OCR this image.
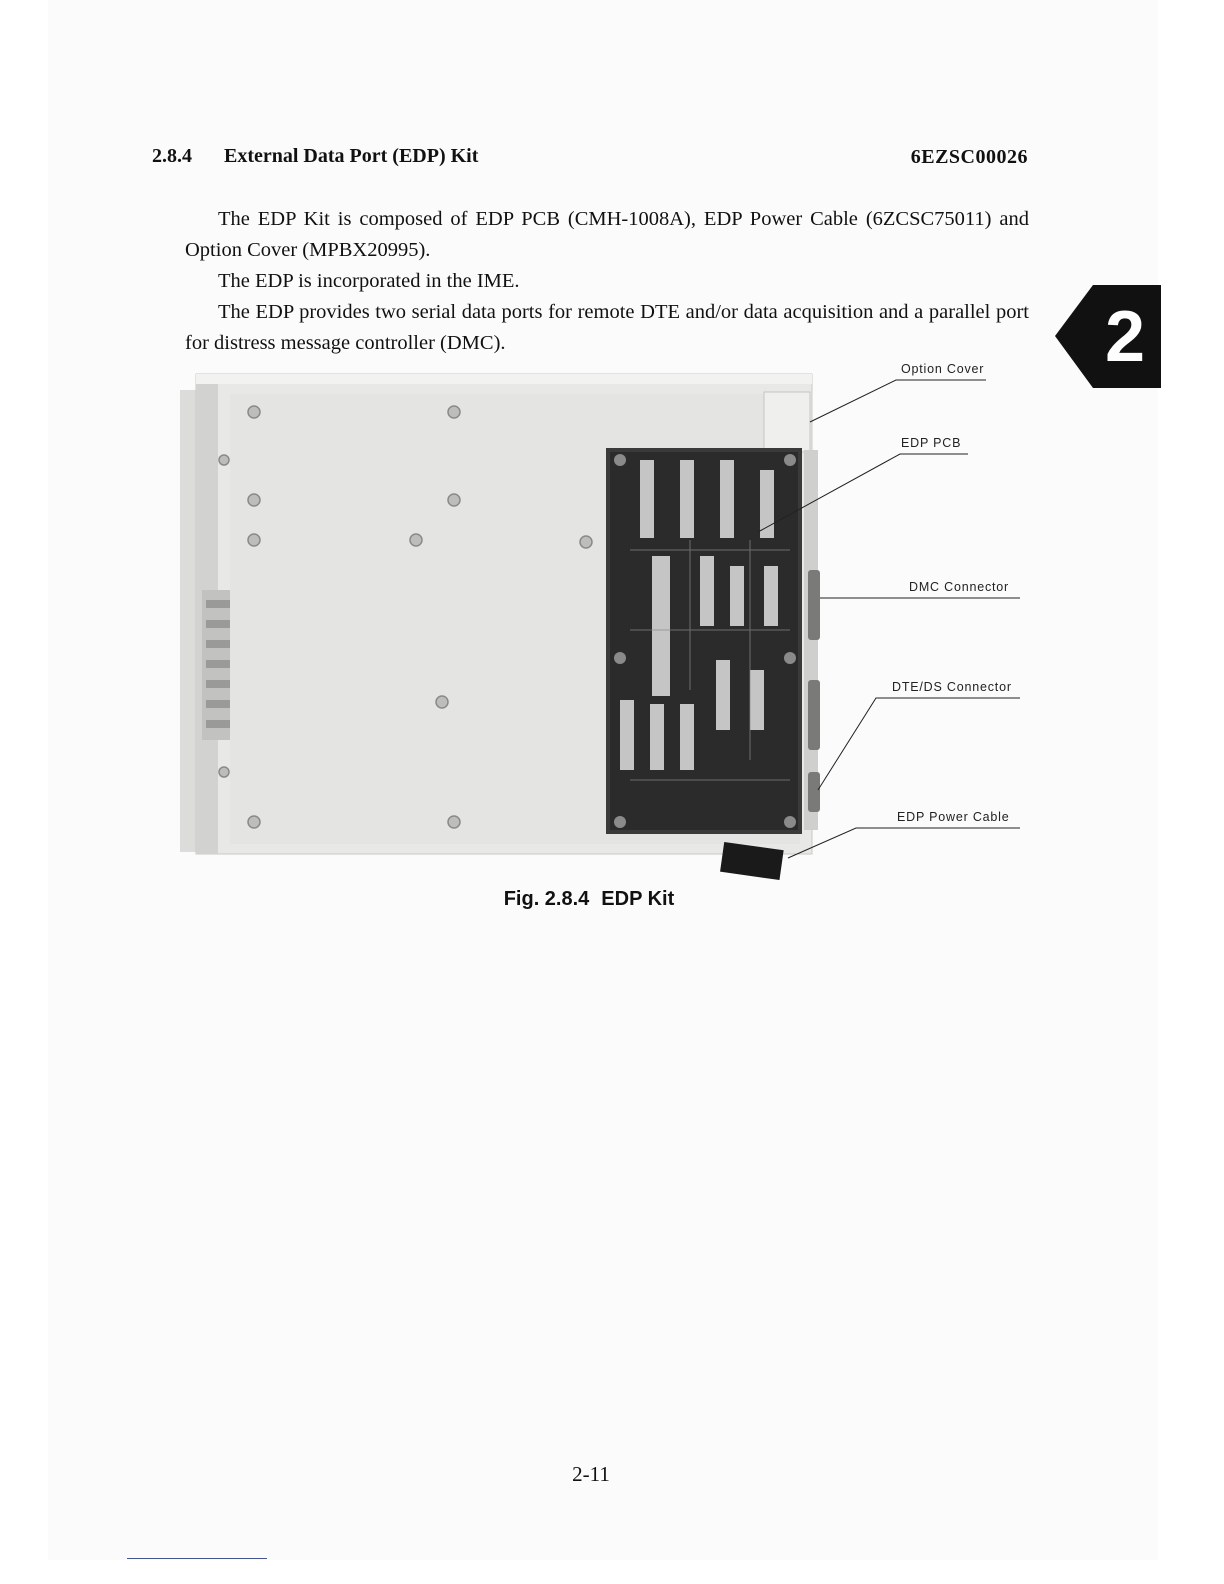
2.8.4 External Data Port (EDP) Kit	6EZSC00026

The EDP Kit is composed of EDP PCB (CMH-1008A), EDP Power Cable (6ZCSC75011) and Option Cover (MPBX20995).

The EDP is incorporated in the IME.

The EDP provides two serial data ports for remote DTE and/or data acquisition and a parallel port for distress message controller (DMC).	2
Option Cover
EDP PCB
DMC Connector
DTE/DS Connector
EDP Power Cable
Fig. 2.8.4 EDP Kit
2-11
